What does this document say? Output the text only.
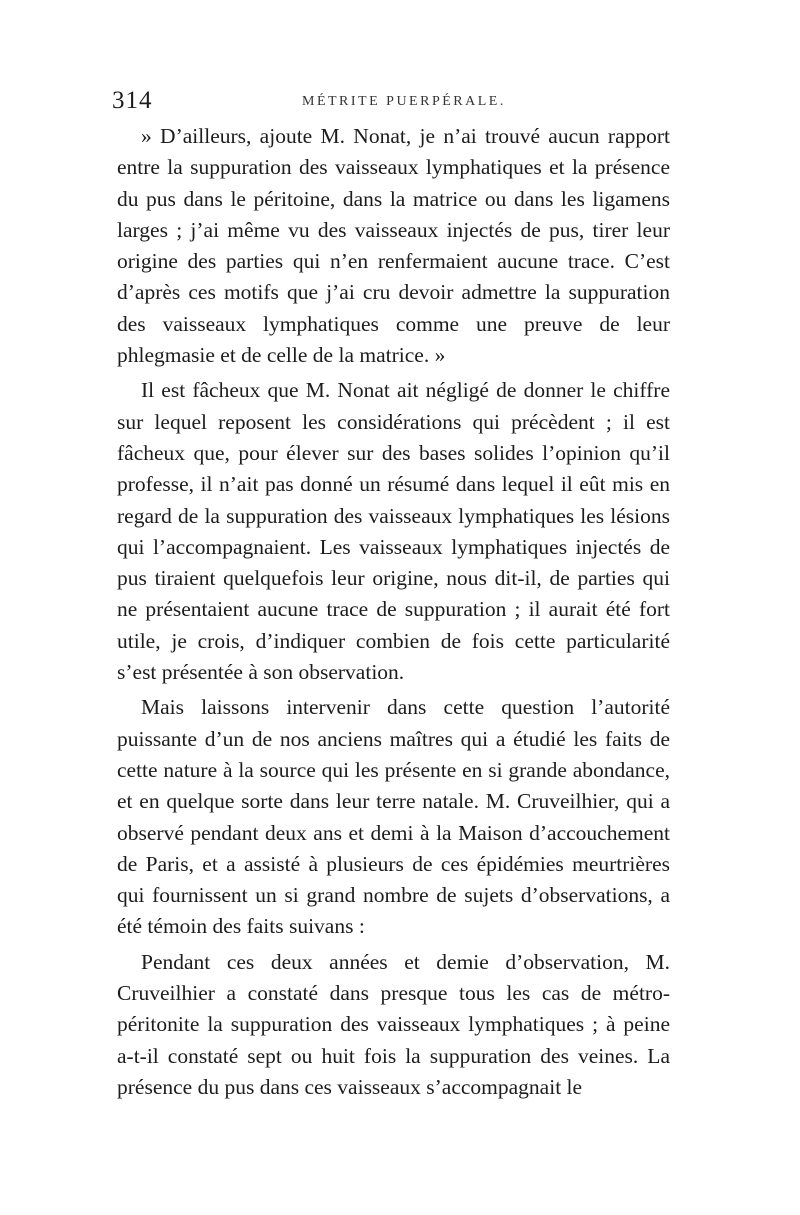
314	MÉTRITE PUERPÉRALE.

» D’ailleurs, ajoute M. Nonat, je n’ai trouvé aucun rapport entre la suppuration des vaisseaux lymphatiques et la présence du pus dans le péritoine, dans la matrice ou dans les ligamens larges ; j’ai même vu des vaisseaux injectés de pus, tirer leur origine des parties qui n’en renfermaient aucune trace. C’est d’après ces motifs que j’ai cru devoir admettre la suppuration des vaisseaux lymphatiques comme une preuve de leur phlegmasie et de celle de la matrice. »

Il est fâcheux que M. Nonat ait négligé de donner le chiffre sur lequel reposent les considérations qui précèdent ; il est fâcheux que, pour élever sur des bases solides l’opinion qu’il professe, il n’ait pas donné un résumé dans lequel il eût mis en regard de la suppuration des vaisseaux lymphatiques les lésions qui l’accompagnaient. Les vaisseaux lymphatiques injectés de pus tiraient quelquefois leur origine, nous dit-il, de parties qui ne présentaient aucune trace de suppuration ; il aurait été fort utile, je crois, d’indiquer combien de fois cette particularité s’est présentée à son observation.

Mais laissons intervenir dans cette question l’autorité puissante d’un de nos anciens maîtres qui a étudié les faits de cette nature à la source qui les présente en si grande abondance, et en quelque sorte dans leur terre natale. M. Cruveilhier, qui a observé pendant deux ans et demi à la Maison d’accouchement de Paris, et a assisté à plusieurs de ces épidémies meurtrières qui fournissent un si grand nombre de sujets d’observations, a été témoin des faits suivans :

Pendant ces deux années et demie d’observation, M. Cruveilhier a constaté dans presque tous les cas de métro-péritonite la suppuration des vaisseaux lymphatiques ; à peine a-t-il constaté sept ou huit fois la suppuration des veines. La présence du pus dans ces vaisseaux s’accompagnait le
